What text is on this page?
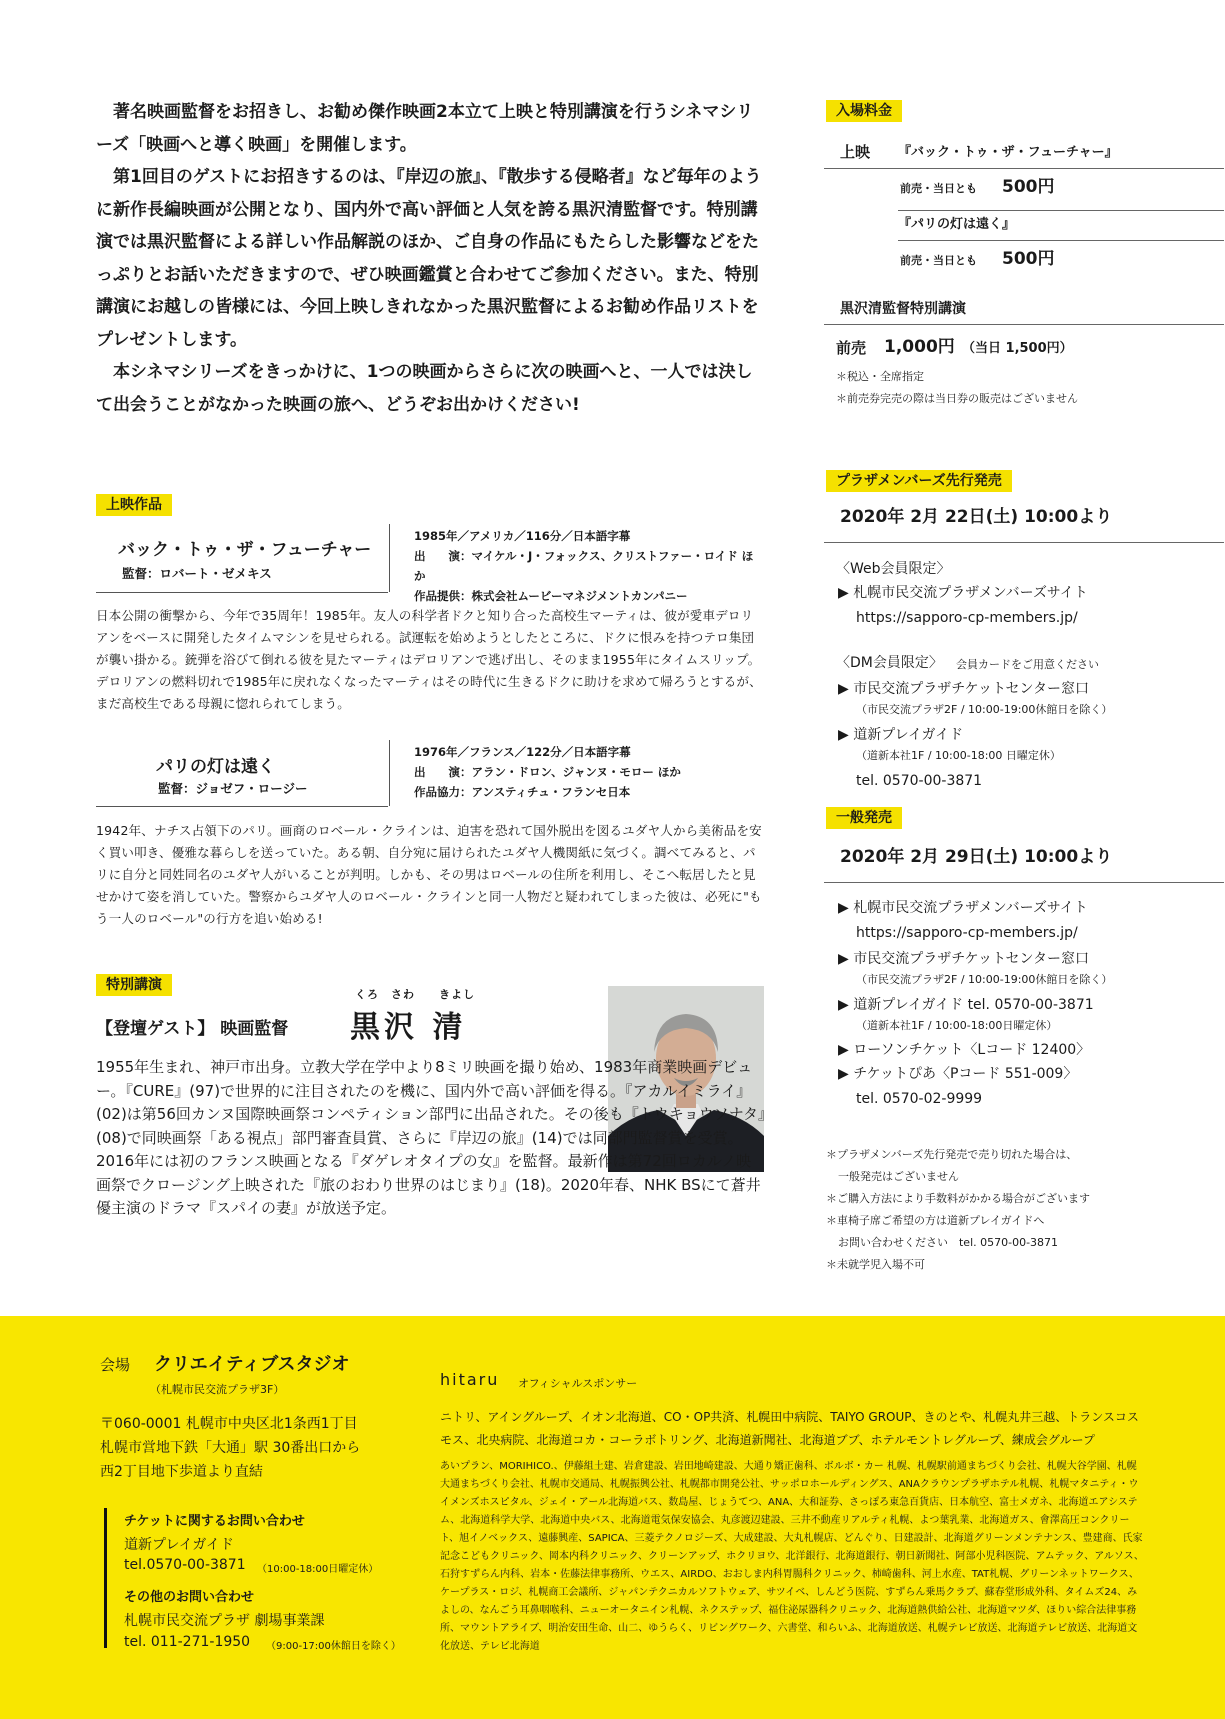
著名映画監督をお招きし、お勧め傑作映画2本立て上映と特別講演を行うシネマシリーズ「映画へと導く映画」を開催します。

第1回目のゲストにお招きするのは、『岸辺の旅』、『散歩する侵略者』など毎年のように新作長編映画が公開となり、国内外で高い評価と人気を誇る黒沢清監督です。特別講演では黒沢監督による詳しい作品解説のほか、ご自身の作品にもたらした影響などをたっぷりとお話いただきますので、ぜひ映画鑑賞と合わせてご参加ください。また、特別講演にお越しの皆様には、今回上映しきれなかった黒沢監督によるお勧め作品リストをプレゼントします。

本シネマシリーズをきっかけに、1つの映画からさらに次の映画へと、一人では決して出会うことがなかった映画の旅へ、どうぞお出かけください!

上映作品
バック・トゥ・ザ・フューチャー
監督：ロバート・ゼメキス
1985年／アメリカ／116分／日本語字幕
出　　演：マイケル・J・フォックス、クリストファー・ロイド ほか
作品提供：株式会社ムービーマネジメントカンパニー
日本公開の衝撃から、今年で35周年！1985年。友人の科学者ドクと知り合った高校生マーティは、彼が愛車デロリアンをベースに開発したタイムマシンを見せられる。試運転を始めようとしたところに、ドクに恨みを持つテロ集団が襲い掛かる。銃弾を浴びて倒れる彼を見たマーティはデロリアンで逃げ出し、そのまま1955年にタイムスリップ。デロリアンの燃料切れで1985年に戻れなくなったマーティはその時代に生きるドクに助けを求めて帰ろうとするが、まだ高校生である母親に惚れられてしまう。
パリの灯は遠く
監督：ジョゼフ・ロージー
1976年／フランス／122分／日本語字幕
出　　演：アラン・ドロン、ジャンヌ・モロー ほか
作品協力：アンスティチュ・フランセ日本
1942年、ナチス占領下のパリ。画商のロベール・クラインは、迫害を恐れて国外脱出を図るユダヤ人から美術品を安く買い叩き、優雅な暮らしを送っていた。ある朝、自分宛に届けられたユダヤ人機関紙に気づく。調べてみると、パリに自分と同姓同名のユダヤ人がいることが判明。しかも、その男はロベールの住所を利用し、そこへ転居したと見せかけて姿を消していた。警察からユダヤ人のロベール・クラインと同一人物だと疑われてしまった彼は、必死に"もう一人のロベール"の行方を追い始める!
特別講演
くろ　さわ　　きよし
【登壇ゲスト】 映画監督 黒沢 清
1955年生まれ、神戸市出身。立教大学在学中より8ミリ映画を撮り始め、1983年商業映画デビュー。『CURE』(97)で世界的に注目されたのを機に、国内外で高い評価を得る。『アカルイミライ』(02)は第56回カンヌ国際映画祭コンペティション部門に出品された。その後も『トウキョウソナタ』(08)で同映画祭「ある視点」部門審査員賞、さらに『岸辺の旅』(14)では同部門監督賞を受賞。2016年には初のフランス映画となる『ダゲレオタイプの女』を監督。最新作は第72回ロカルノ映画祭でクロージング上映された『旅のおわり世界のはじまり』(18)。2020年春、NHK BSにて蒼井優主演のドラマ『スパイの妻』が放送予定。
入場料金
上映 『バック・トゥ・ザ・フューチャー』
前売・当日とも 500円
『パリの灯は遠く』
前売・当日とも 500円
黒沢清監督特別講演
前売 1,000円 （当日 1,500円）
＊税込・全席指定
＊前売券完売の際は当日券の販売はございません
プラザメンバーズ先行発売
2020年 2月 22日(土) 10:00より
〈Web会員限定〉
▶ 札幌市民交流プラザメンバーズサイト
https://sapporo-cp-members.jp/
〈DM会員限定〉 会員カードをご用意ください
▶ 市民交流プラザチケットセンター窓口
（市民交流プラザ2F / 10:00-19:00休館日を除く）
▶ 道新プレイガイド
（道新本社1F / 10:00-18:00 日曜定休）
tel. 0570-00-3871
一般発売
2020年 2月 29日(土) 10:00より
▶ 札幌市民交流プラザメンバーズサイト
https://sapporo-cp-members.jp/
▶ 市民交流プラザチケットセンター窓口
（市民交流プラザ2F / 10:00-19:00休館日を除く）
▶ 道新プレイガイド tel. 0570-00-3871
（道新本社1F / 10:00-18:00日曜定休）
▶ ローソンチケット〈Lコード 12400〉
▶ チケットぴあ〈Pコード 551-009〉
tel. 0570-02-9999
＊プラザメンバーズ先行発売で売り切れた場合は、
一般発売はございません
＊ご購入方法により手数料がかかる場合がございます
＊車椅子席ご希望の方は道新プレイガイドへ
お問い合わせください　tel. 0570-00-3871
＊未就学児入場不可
会場 クリエイティブスタジオ
（札幌市民交流プラザ3F）
〒060-0001 札幌市中央区北1条西1丁目
札幌市営地下鉄「大通」駅 30番出口から
西2丁目地下歩道より直結
チケットに関するお問い合わせ
道新プレイガイド
tel.0570-00-3871 （10:00-18:00日曜定休）
その他のお問い合わせ
札幌市民交流プラザ 劇場事業課
tel. 011-271-1950 （9:00-17:00休館日を除く）
hitaru オフィシャルスポンサー
ニトリ、アイングループ、イオン北海道、CO・OP共済、札幌田中病院、TAIYO GROUP、きのとや、札幌丸井三越、トランスコスモス、北央病院、北海道コカ・コーラボトリング、北海道新聞社、北海道ブブ、ホテルモントレグループ、練成会グループ
あいプラン、MORIHICO.、伊藤組土建、岩倉建設、岩田地崎建設、大通り矯正歯科、ボルボ・カー 札幌、札幌駅前通まちづくり会社、札幌大谷学園、札幌大通まちづくり会社、札幌市交通局、札幌振興公社、札幌都市開発公社、サッポロホールディングス、ANAクラウンプラザホテル札幌、札幌マタニティ・ウイメンズホスピタル、ジェイ・アール北海道バス、数島屋、じょうてつ、ANA、大和証券、さっぽろ東急百貨店、日本航空、富士メガネ、北海道エアシステム、北海道科学大学、北海道中央バス、北海道電気保安協会、丸彦渡辺建設、三井不動産リアルティ札幌、よつ葉乳業、北海道ガス、會澤高圧コンクリート、旭イノベックス、遠藤興産、SAPICA、三菱テクノロジーズ、大成建設、大丸札幌店、どんぐり、日建設計、北海道グリーンメンテナンス、豊建商、氏家記念こどもクリニック、岡本内科クリニック、クリーンアップ、ホクリヨウ、北洋銀行、北海道銀行、朝日新聞社、阿部小児科医院、アムテック、アルソス、石狩すずらん内科、岩本・佐藤法律事務所、ウエス、AIRDO、おおしま内科胃腸科クリニック、柿崎歯科、河上水産、TAT札幌、グリーンネットワークス、ケープラス・ロジ、札幌商工会議所、ジャパンテクニカルソフトウェア、サツイベ、しんどう医院、すずらん乗馬クラブ、蘇春堂形成外科、タイムズ24、みよしの、なんごう耳鼻咽喉科、ニューオータニイン札幌、ネクステップ、福住泌尿器科クリニック、北海道熱供給公社、北海道マツダ、ほりい綜合法律事務所、マウントアライブ、明治安田生命、山二、ゆうらく、リビングワーク、六書堂、和らいふ、北海道放送、札幌テレビ放送、北海道テレビ放送、北海道文化放送、テレビ北海道
